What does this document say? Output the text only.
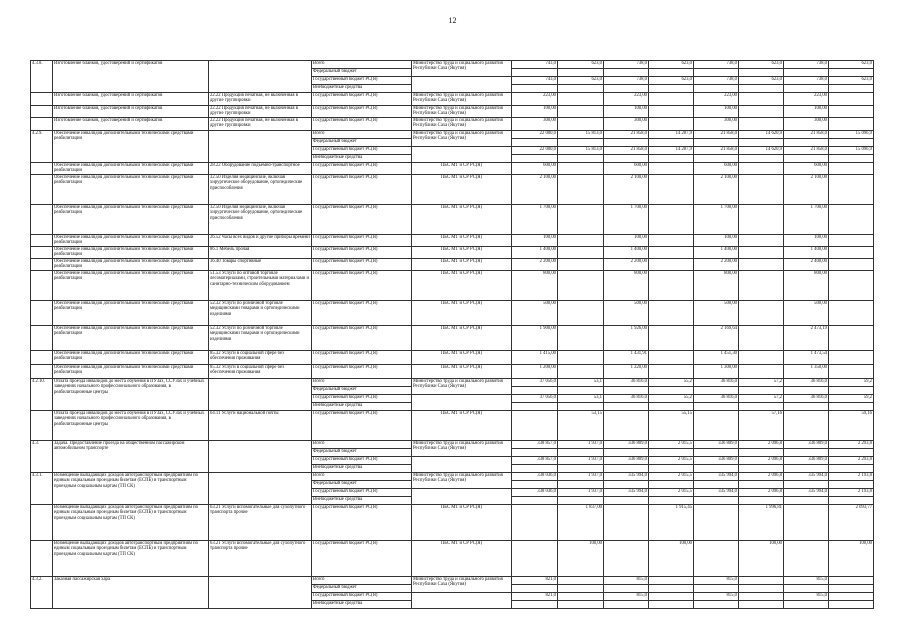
12
4.3.8.	Изготовление бланков, удостоверений и сертификатов		Всего	Министерство труда и социального развития Республики Саха (Якутия)	743,0	623,0	738,0	623,0	738,0	623,0	738,0	623,0
			Федеральный бюджет									
			Государственный бюджет РС(Я)		743,0	623,0	738,0	623,0	738,0	623,0	738,0	623,0
			Внебюджетные средства									
	Изготовление бланков, удостоверений и сертификатов	22.22 Продукция печатная, не включенная в другие группировки	Государственный бюджет РС(Я)	Министерство труда и социального развития Республики Саха (Якутия)	223,00		223,00		223,00		223,00	
	Изготовление бланков, удостоверений и сертификатов	22.22 Продукция печатная, не включенная в другие группировки	Государственный бюджет РС(Я)	Министерство труда и социального развития Республики Саха (Якутия)	100,00		100,00		100,00		100,00	
	Изготовление бланков, удостоверений и сертификатов	22.22 Продукция печатная, не включенная в другие группировки	Государственный бюджет РС(Я)	Министерство труда и социального развития Республики Саха (Якутия)	300,00		300,00		300,00		300,00	
4.2.9.	Обеспечение инвалидов дополнительными техническими средствами реабилитации		Всего	Министерство труда и социального развития Республики Саха (Якутия)	22 000,0	15 813,0	21 858,0	14 287,9	21 858,0	14 620,9	21 858,0	15 096,9
			Федеральный бюджет									
			Государственный бюджет РС(Я)		22 000,0	15 813,0	21 858,0	14 287,9	21 858,0	14 620,9	21 858,0	15 096,9
			Внебюджетные средства									
	Обеспечение инвалидов дополнительными техническими средствами реабилитации	28.22 Оборудование подъемно-транспортное	Государственный бюджет РС(Я)	ПБС МТ и СР РС(Я)	600,00		600,00		600,00		600,00	
	Обеспечение инвалидов дополнительными техническими средствами реабилитации	32.50 Изделия медицинские, включая хирургическое оборудование, ортопедические приспособления	Государственный бюджет РС(Я)	ПБС МТ и СР РС(Я)	2 100,00		2 100,00		2 100,00		2 100,00	
	Обеспечение инвалидов дополнительными техническими средствами реабилитации	32.50 Изделия медицинские, включая хирургическое оборудование, ортопедические приспособления	Государственный бюджет РС(Я)	ПБС МТ и СР РС(Я)	1 700,00		1 700,00		1 700,00		1 700,00	
	Обеспечение инвалидов дополнительными техническими средствами реабилитации	26.52 Часы всех видов и другие приборы времени	Государственный бюджет РС(Я)	ПБС МТ и СР РС(Я)	100,00		100,00		100,00		100,00	
	Обеспечение инвалидов дополнительными техническими средствами реабилитации	86.1 Мебель прочая	Государственный бюджет РС(Я)	ПБС МТ и СР РС(Я)	1 400,00		1 400,00		1 400,00		1 400,00	
	Обеспечение инвалидов дополнительными техническими средствами реабилитации	36.40 Товары спортивные	Государственный бюджет РС(Я)	ПБС МТ и СР РС(Я)	2 200,00		2 200,00		2 200,00		2 400,00	
	Обеспечение инвалидов дополнительными техническими средствами реабилитации	51.53 Услуги по оптовой торговле лесоматериалами, строительными материалами и санитарно-техническим оборудованием	Государственный бюджет РС(Я)	ПБС МТ и СР РС(Я)	800,00		800,00		800,00		800,00	
	Обеспечение инвалидов дополнительными техническими средствами реабилитации	52.32 Услуги по розничной торговле медицинскими товарами и ортопедическими изделиями	Государственный бюджет РС(Я)	ПБС МТ и СР РС(Я)	500,00		500,00		500,00		500,00	
	Обеспечение инвалидов дополнительными техническими средствами реабилитации	52.32 Услуги по розничной торговле медицинскими товарами и ортопедическими изделиями	Государственный бюджет РС(Я)	ПБС МТ и СР РС(Я)	1 900,00		1 926,00		2 169,64		2 473,19	
	Обеспечение инвалидов дополнительными техническими средствами реабилитации	85.32 Услуги в социальной сфере без обеспечения проживания	Государственный бюджет РС(Я)	ПБС МТ и СР РС(Я)	1 415,00		1 431,91		1 451,30		1 473,54	
	Обеспечение инвалидов дополнительными техническими средствами реабилитации	85.32 Услуги в социальной сфере без обеспечения проживания	Государственный бюджет РС(Я)	ПБС МТ и СР РС(Я)	1 200,00		1 220,00		1 300,00		1 350,00	
4.2.10.	Оплата проезда инвалидов до места обучения в ПУЗах, ССУЗах и учебных заведениях начального профессионального образования, в реабилитационные центры		Всего	Министерство труда и социального развития Республики Саха (Якутия)	37 056,0	53,1	36 816,0	55,2	36 816,0	57,2	36 816,0	59,2
			Федеральный бюджет									
			Государственный бюджет РС(Я)		37 056,0	53,1	36 816,0	55,2	36 816,0	57,2	36 816,0	59,2
			Внебюджетные средства									
	Оплата проезда инвалидов до места обучения в ПУЗах, ССУЗах и учебных заведениях начального профессионального образования, в реабилитационные центры	64.11 Услуги национальной почты	Государственный бюджет РС(Я)	ПБС МТ и СР РС(Я)		53,15		55,15		57,16		59,16
4.3.	Задача. Предоставление проезда на общественном пассажирском автомобильном транспорте		Всего	Министерство труда и социального развития Республики Саха (Якутия)	338 857,0	1 937,0	336 809,0	2 015,5	336 809,0	2 096,8	336 809,0	2 293,8
			Федеральный бюджет									
			Государственный бюджет РС(Я)		338 857,0	1 937,0	336 809,0	2 015,5	336 809,0	2 096,8	336 809,0	2 293,8
			Внебюджетные средства									
4.3.1.	Возмещение выпадающих доходов автотранспортным предприятиям по единым социальным проездным билетам (ЕСПБ) и транспортным проездным социальным картам (ТП СК)		Всего	Министерство труда и социального развития Республики Саха (Якутия)	338 036,0	1 937,0	335 994,0	2 015,5	335 994,0	2 096,8	335 994,0	2 193,8
			Федеральный бюджет									
			Государственный бюджет РС(Я)		338 036,0	1 937,0	335 994,0	2 015,5	335 994,0	2 096,8	335 994,0	2 193,8
			Внебюджетные средства									
	Возмещение выпадающих доходов автотранспортным предприятиям по единым социальным проездным билетам (ЕСПБ) и транспортным проездным социальным картам (ТП СК)	63.21 Услуги вспомогательные для сухопутного транспорта прочие	Государственный бюджет РС(Я)	ПБС МТ и СР РС(Я)		1 837,00		1 915,45		1 996,81		2 093,77
	Возмещение выпадающих доходов автотранспортным предприятиям по единым социальным проездным билетам (ЕСПБ) и транспортным проездным социальным картам (ТП СК)	63.21 Услуги вспомогательные для сухопутного транспорта прочие	Государственный бюджет РС(Я)	ПБС МТ и СР РС(Я)		100,00		100,00		100,00		100,00
4.3.2.	Заказная пассажирская хара		Всего	Министерство труда и социального развития Республики Саха (Якутия)	821,0		815,0		815,0		815,0	
			Федеральный бюджет									
			Государственный бюджет РС(Я)		821,0		815,0		815,0		815,0	
			Внебюджетные средства									
